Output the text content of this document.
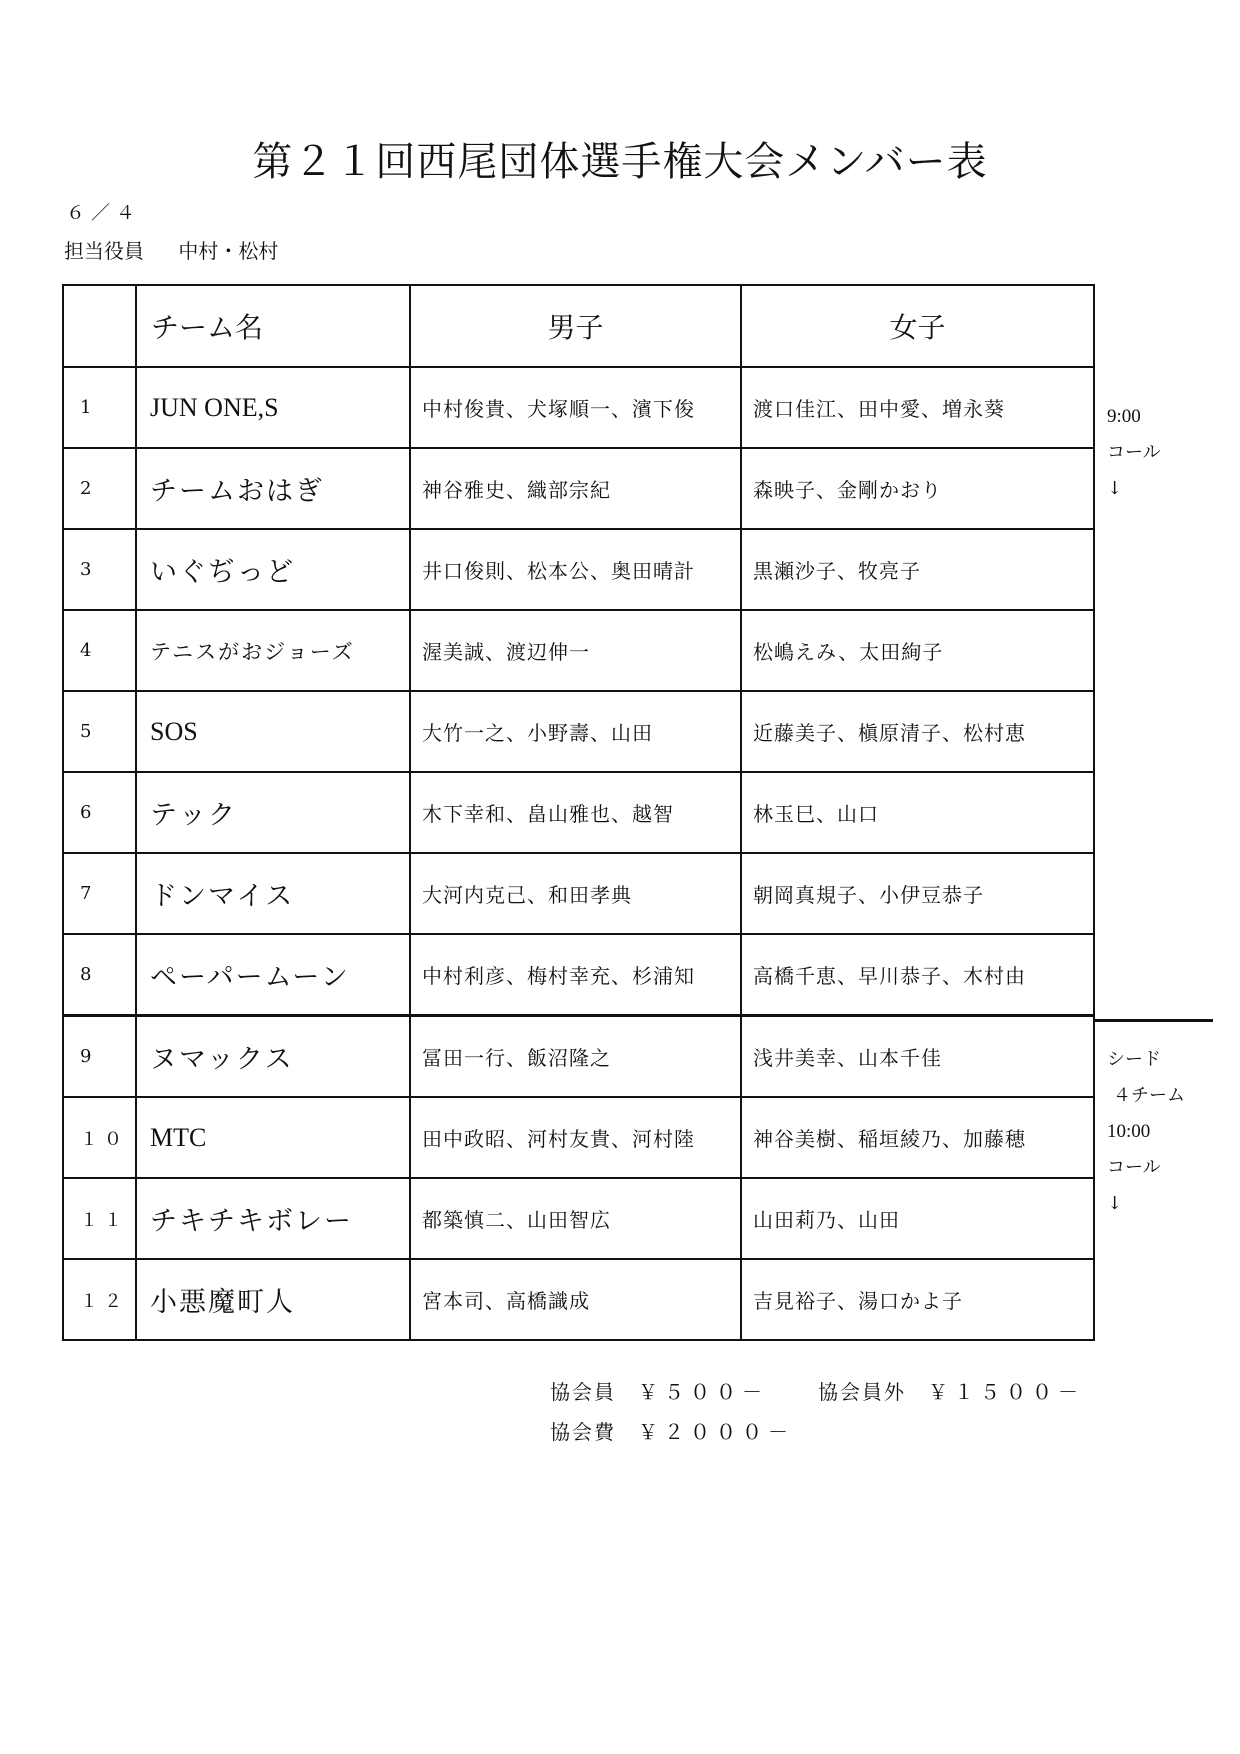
第２１回西尾団体選手権大会メンバー表
６／４
担当役員 中村・松村
	チーム名	男子	女子
1	JUN ONE,S	中村俊貴、犬塚順一、濱下俊	渡口佳江、田中愛、増永葵
2	チームおはぎ	神谷雅史、織部宗紀	森映子、金剛かおり
3	いぐぢっど	井口俊則、松本公、奥田晴計	黒瀬沙子、牧亮子
4	テニスがおジョーズ	渥美誠、渡辺伸一	松嶋えみ、太田絢子
5	SOS	大竹一之、小野壽、山田	近藤美子、槇原清子、松村恵
6	テック	木下幸和、畠山雅也、越智	林玉巳、山口
7	ドンマイス	大河内克己、和田孝典	朝岡真規子、小伊豆恭子
8	ペーパームーン	中村利彦、梅村幸充、杉浦知	高橋千恵、早川恭子、木村由
9	ヌマックス	冨田一行、飯沼隆之	浅井美幸、山本千佳
１０	MTC	田中政昭、河村友貴、河村陸	神谷美樹、稲垣綾乃、加藤穂
１１	チキチキボレー	都築慎二、山田智広	山田莉乃、山田
１２	小悪魔町人	宮本司、高橋識成	吉見裕子、湯口かよ子
9:00
コール
↓
シード
４チーム
10:00
コール
↓
協会員 ￥５００－	協会員外 ￥１５００－
協会費 ￥２０００－
